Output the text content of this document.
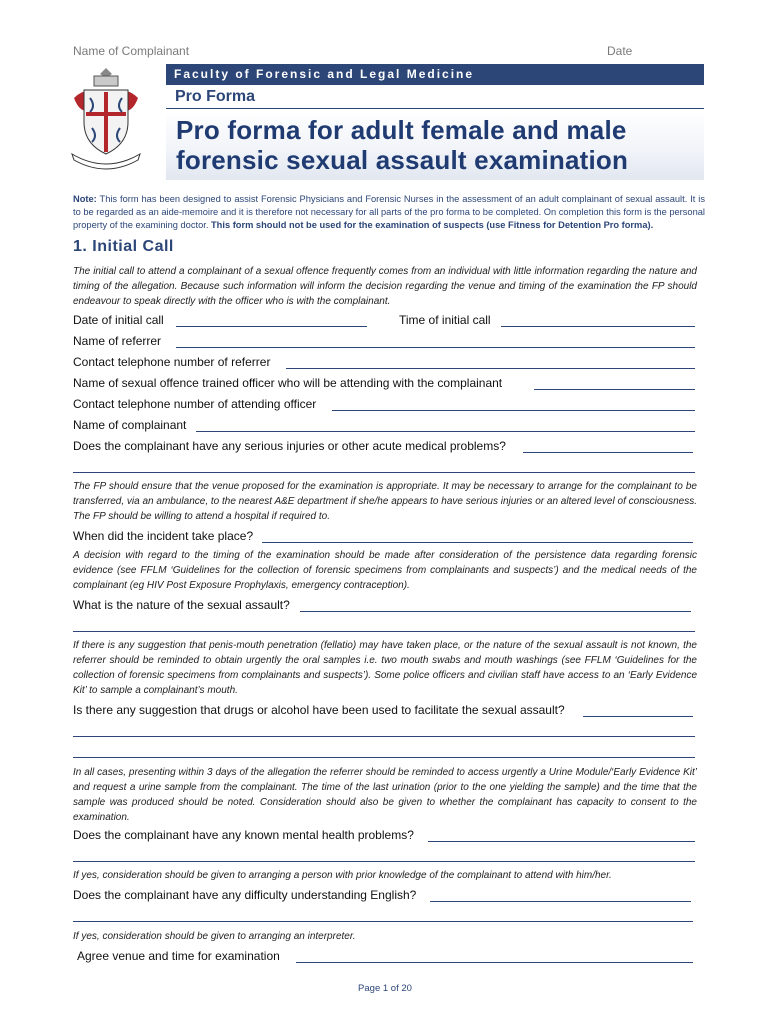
Name of Complainant	Date
Faculty of Forensic and Legal Medicine
Pro Forma
Pro forma for adult female and male
forensic sexual assault examination
Note: This form has been designed to assist Forensic Physicians and Forensic Nurses in the assessment of an adult complainant of sexual assault. It is to be regarded as an aide-memoire and it is therefore not necessary for all parts of the pro forma to be completed. On completion this form is the personal property of the examining doctor. This form should not be used for the examination of suspects (use Fitness for Detention Pro forma).
1. Initial Call
The initial call to attend a complainant of a sexual offence frequently comes from an individual with little information regarding the nature and timing of the allegation. Because such information will inform the decision regarding the venue and timing of the examination the FP should endeavour to speak directly with the officer who is with the complainant.
Date of initial call	Time of initial call
Name of referrer
Contact telephone number of referrer
Name of sexual offence trained officer who will be attending with the complainant
Contact telephone number of attending officer
Name of complainant
Does the complainant have any serious injuries or other acute medical problems?
The FP should ensure that the venue proposed for the examination is appropriate. It may be necessary to arrange for the complainant to be transferred, via an ambulance, to the nearest A&E department if she/he appears to have serious injuries or an altered level of consciousness. The FP should be willing to attend a hospital if required to.
When did the incident take place?
A decision with regard to the timing of the examination should be made after consideration of the persistence data regarding forensic evidence (see FFLM ‘Guidelines for the collection of forensic specimens from complainants and suspects’) and the medical needs of the complainant (eg HIV Post Exposure Prophylaxis, emergency contraception).
What is the nature of the sexual assault?
If there is any suggestion that penis-mouth penetration (fellatio) may have taken place, or the nature of the sexual assault is not known, the referrer should be reminded to obtain urgently the oral samples i.e. two mouth swabs and mouth washings (see FFLM ‘Guidelines for the collection of forensic specimens from complainants and suspects’). Some police officers and civilian staff have access to an ‘Early Evidence Kit’ to sample a complainant’s mouth.
Is there any suggestion that drugs or alcohol have been used to facilitate the sexual assault?
In all cases, presenting within 3 days of the allegation the referrer should be reminded to access urgently a Urine Module/‘Early Evidence Kit’ and request a urine sample from the complainant. The time of the last urination (prior to the one yielding the sample) and the time that the sample was produced should be noted. Consideration should also be given to whether the complainant has capacity to consent to the examination.
Does the complainant have any known mental health problems?
If yes, consideration should be given to arranging a person with prior knowledge of the complainant to attend with him/her.
Does the complainant have any difficulty understanding English?
If yes, consideration should be given to arranging an interpreter.
Agree venue and time for examination
Page 1 of 20
